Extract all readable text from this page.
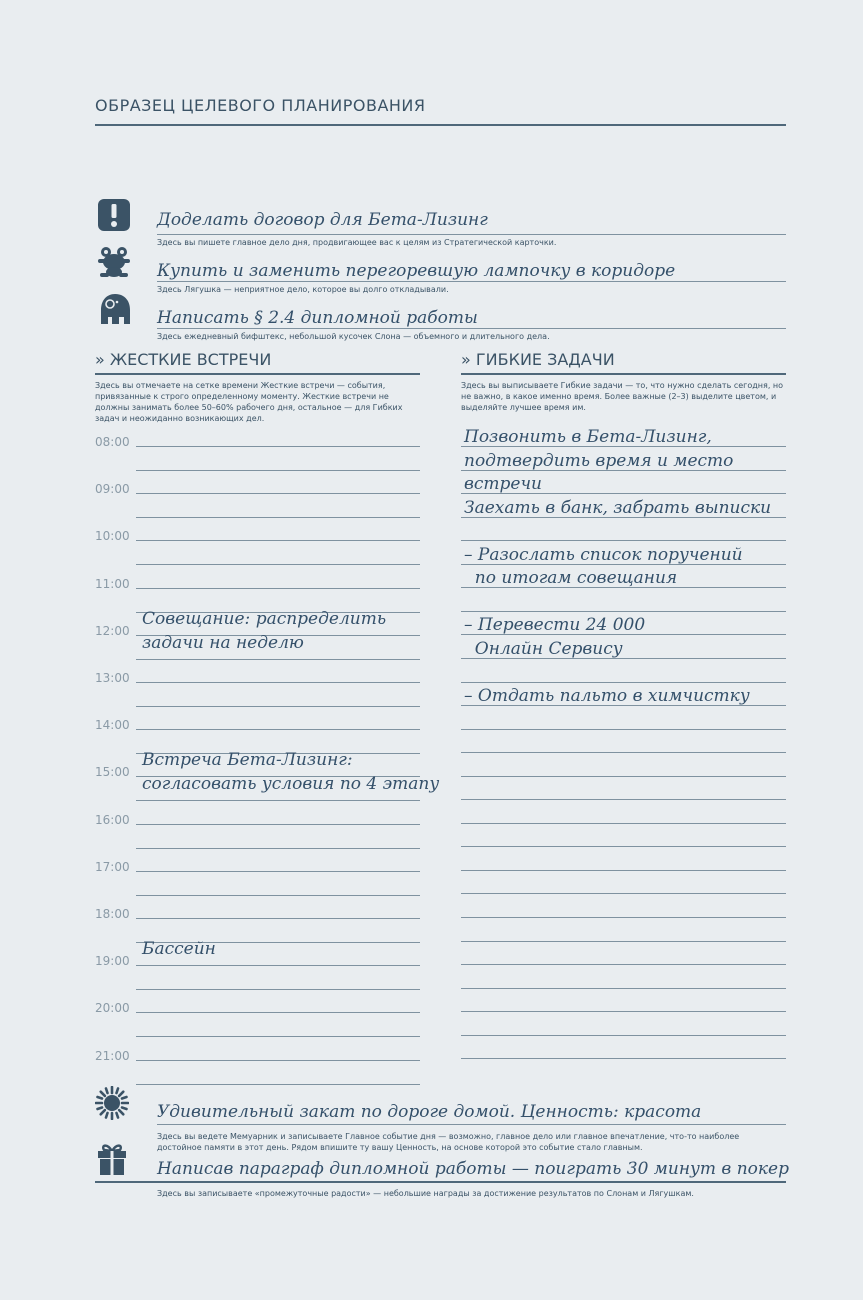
ОБРАЗЕЦ ЦЕЛЕВОГО ПЛАНИРОВАНИЯ
Доделать договор для Бета-Лизинг
Здесь вы пишете главное дело дня, продвигающее вас к целям из Стратегической карточки.
Купить и заменить перегоревшую лампочку в коридоре
Здесь Лягушка — неприятное дело, которое вы долго откладывали.
Написать § 2.4 дипломной работы
Здесь ежедневный бифштекс, небольшой кусочек Слона — объемного и длительного дела.
» ЖЕСТКИЕ ВСТРЕЧИ
Здесь вы отмечаете на сетке времени Жесткие встречи — события, привязанные к строго определенному моменту. Жесткие встречи не должны занимать более 50–60% рабочего дня, остальное — для Гибких задач и неожиданно возникающих дел.
08:00
09:00
10:00
11:00
12:00
13:00
14:00
15:00
16:00
17:00
18:00
19:00
20:00
21:00
Совещание: распределить
задачи на неделю
Встреча Бета-Лизинг:
согласовать условия по 4 этапу
Бассейн
» ГИБКИЕ ЗАДАЧИ
Здесь вы выписываете Гибкие задачи — то, что нужно сделать сегодня, но не важно, в какое именно время. Более важные (2–3) выделите цветом, и выделяйте лучшее время им.
Позвонить в Бета-Лизинг,
подтвердить время и место
встречи
Заехать в банк, забрать выписки
– Разослать список поручений
по итогам совещания
– Перевести 24 000
Онлайн Сервису
– Отдать пальто в химчистку
Удивительный закат по дороге домой. Ценность: красота
Здесь вы ведете Мемуарник и записываете Главное событие дня — возможно, главное дело или главное впечатление, что-то наиболее достойное памяти в этот день. Рядом впишите ту вашу Ценность, на основе которой это событие стало главным.
Написав параграф дипломной работы — поиграть 30 минут в покер
Здесь вы записываете «промежуточные радости» — небольшие награды за достижение результатов по Слонам и Лягушкам.
